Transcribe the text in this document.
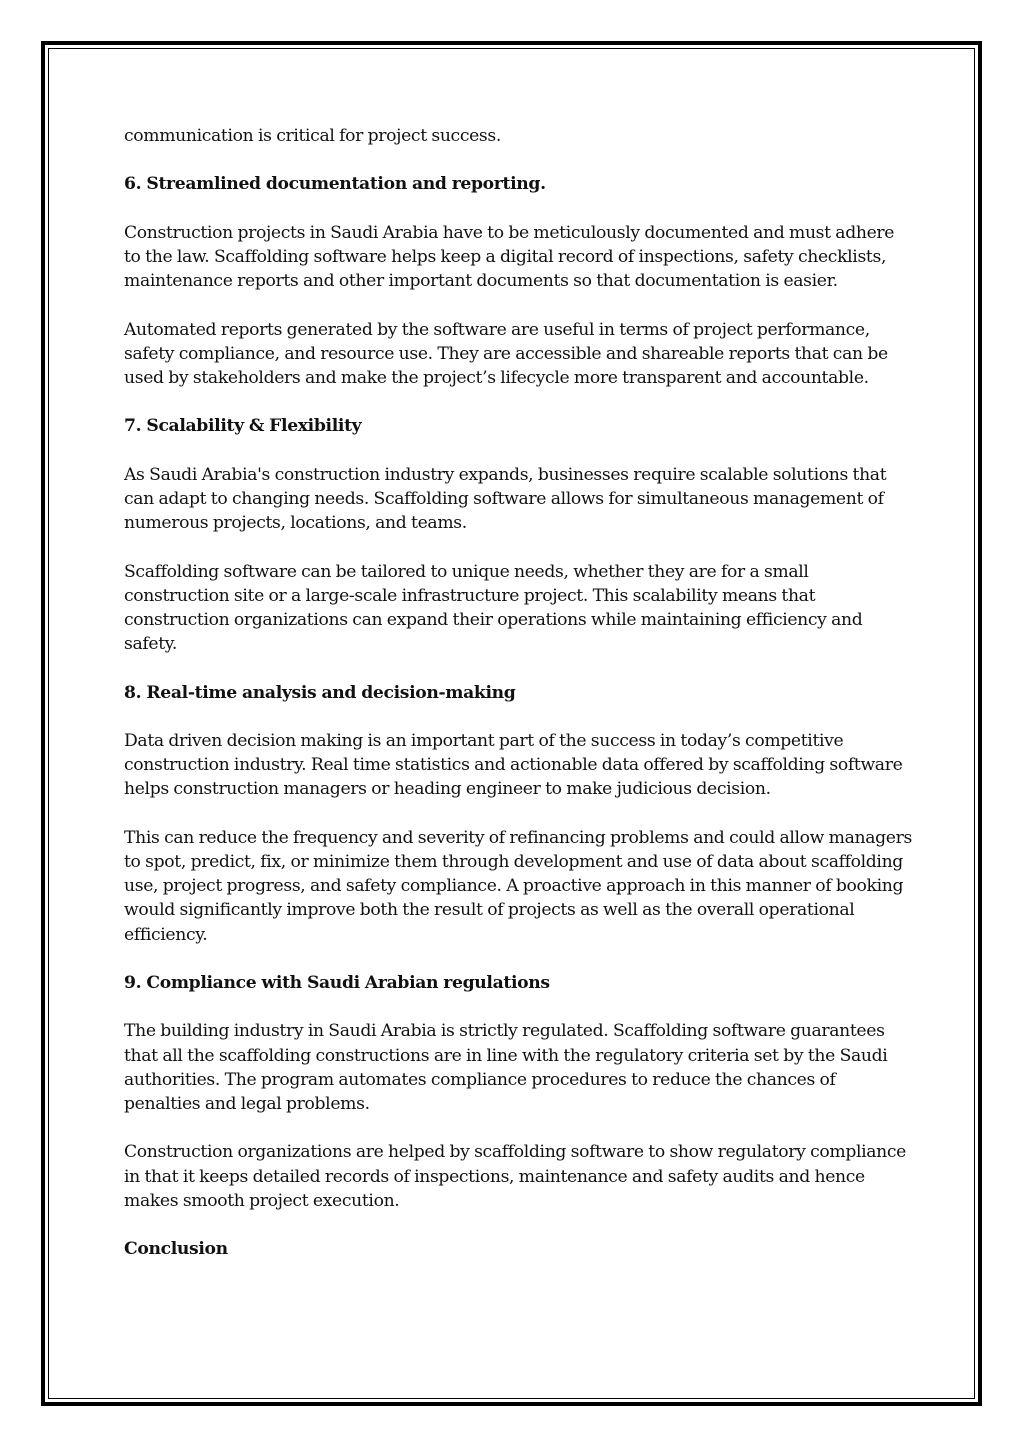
communication is critical for project success.

6. Streamlined documentation and reporting.

Construction projects in Saudi Arabia have to be meticulously documented and must adhere to the law. Scaffolding software helps keep a digital record of inspections, safety checklists, maintenance reports and other important documents so that documentation is easier.

Automated reports generated by the software are useful in terms of project performance, safety compliance, and resource use. They are accessible and shareable reports that can be used by stakeholders and make the project’s lifecycle more transparent and accountable.

7. Scalability & Flexibility

As Saudi Arabia's construction industry expands, businesses require scalable solutions that can adapt to changing needs. Scaffolding software allows for simultaneous management of numerous projects, locations, and teams.

Scaffolding software can be tailored to unique needs, whether they are for a small construction site or a large-scale infrastructure project. This scalability means that construction organizations can expand their operations while maintaining efficiency and safety.

8. Real-time analysis and decision-making

Data driven decision making is an important part of the success in today’s competitive construction industry. Real time statistics and actionable data offered by scaffolding software helps construction managers or heading engineer to make judicious decision.

This can reduce the frequency and severity of refinancing problems and could allow managers to spot, predict, fix, or minimize them through development and use of data about scaffolding use, project progress, and safety compliance. A proactive approach in this manner of booking would significantly improve both the result of projects as well as the overall operational efficiency.

9. Compliance with Saudi Arabian regulations

The building industry in Saudi Arabia is strictly regulated. Scaffolding software guarantees that all the scaffolding constructions are in line with the regulatory criteria set by the Saudi authorities. The program automates compliance procedures to reduce the chances of penalties and legal problems.

Construction organizations are helped by scaffolding software to show regulatory compliance in that it keeps detailed records of inspections, maintenance and safety audits and hence makes smooth project execution.

Conclusion
